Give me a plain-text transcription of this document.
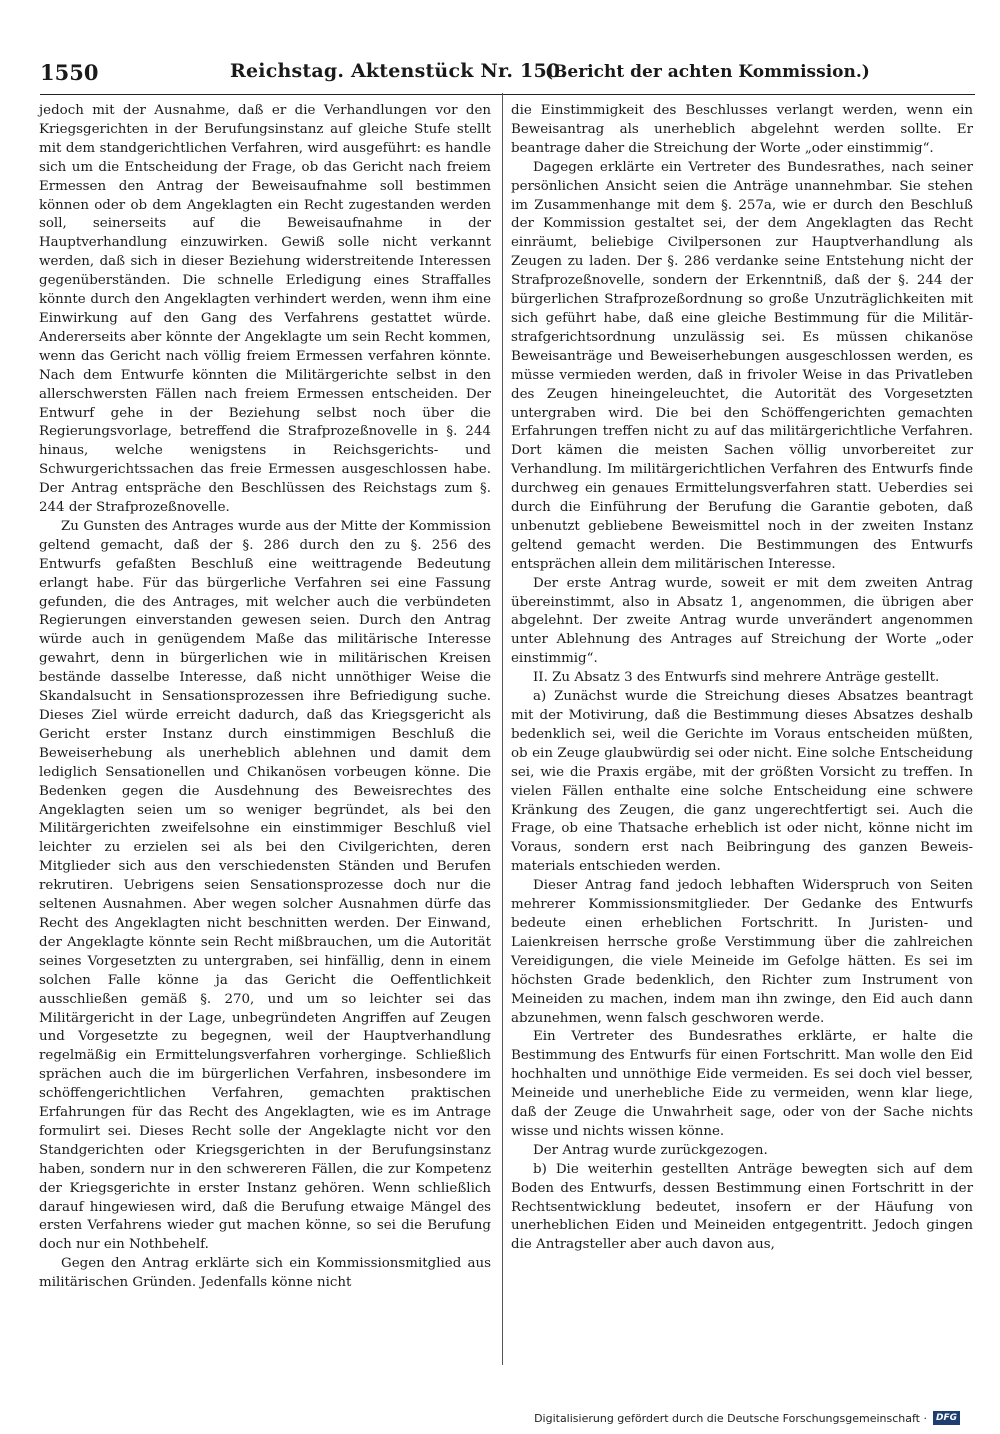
1550	Reichstag. Aktenstück Nr. 150.
(Bericht der achten Kommission.)

jedoch mit der Ausnahme, daß er die Verhandlungen vor den Kriegsgerichten in der Berufungsinstanz auf gleiche Stufe stellt mit dem standgerichtlichen Verfahren, wird ausgeführt: es handle sich um die Entscheidung der Frage, ob das Gericht nach freiem Ermessen den Antrag der Beweisaufnahme soll bestimmen können oder ob dem Angeklagten ein Recht zugestanden werden soll, seinerseits auf die Beweisaufnahme in der Hauptverhandlung einzuwirken. Gewiß solle nicht verkannt werden, daß sich in dieser Beziehung widerstreitende Interessen gegenüberständen. Die schnelle Erledigung eines Straffalles könnte durch den Angeklagten verhindert werden, wenn ihm eine Einwirkung auf den Gang des Verfahrens gestattet würde. Andererseits aber könnte der Angeklagte um sein Recht kommen, wenn das Gericht nach völlig freiem Ermessen verfahren könnte. Nach dem Entwurfe könnten die Militärgerichte selbst in den allerschwersten Fällen nach freiem Ermessen entscheiden. Der Entwurf gehe in der Beziehung selbst noch über die Regierungsvorlage, betreffend die Strafprozeßnovelle in §. 244 hinaus, welche wenigstens in Reichsgerichts- und Schwurgerichtssachen das freie Ermessen ausgeschlossen habe. Der Antrag entspräche den Beschlüssen des Reichstags zum §. 244 der Strafprozeßnovelle.

Zu Gunsten des Antrages wurde aus der Mitte der Kommission geltend gemacht, daß der §. 286 durch den zu §. 256 des Entwurfs gefaßten Beschluß eine weittragende Bedeutung erlangt habe. Für das bürgerliche Verfahren sei eine Fassung gefunden, die des Antrages, mit welcher auch die verbündeten Regierungen einverstanden gewesen seien. Durch den Antrag würde auch in genügendem Maße das militärische Interesse gewahrt, denn in bürgerlichen wie in militärischen Kreisen bestände dasselbe Interesse, daß nicht unnöthiger Weise die Skandalsucht in Sensationsprozessen ihre Befriedigung suche. Dieses Ziel würde erreicht dadurch, daß das Kriegsgericht als Gericht erster Instanz durch einstimmigen Beschluß die Beweiserhebung als unerheblich ablehnen und damit dem lediglich Sensationellen und Chikanösen vorbeugen könne. Die Bedenken gegen die Ausdehnung des Beweisrechtes des Angeklagten seien um so weniger begründet, als bei den Militärgerichten zweifelsohne ein einstimmiger Beschluß viel leichter zu erzielen sei als bei den Civilgerichten, deren Mitglieder sich aus den verschiedensten Ständen und Berufen rekrutiren. Uebrigens seien Sensationsprozesse doch nur die seltenen Ausnahmen. Aber wegen solcher Ausnahmen dürfe das Recht des Angeklagten nicht beschnitten werden. Der Einwand, der Angeklagte könnte sein Recht mißbrauchen, um die Autorität seines Vorgesetzten zu untergraben, sei hinfällig, denn in einem solchen Falle könne ja das Gericht die Oeffentlichkeit ausschließen gemäß §. 270, und um so leichter sei das Militärgericht in der Lage, unbegründeten Angriffen auf Zeugen und Vorgesetzte zu begegnen, weil der Hauptverhandlung regelmäßig ein Ermittelungsverfahren vorherginge. Schließlich sprächen auch die im bürgerlichen Verfahren, insbesondere im schöffengerichtlichen Verfahren, gemachten praktischen Erfahrungen für das Recht des Angeklagten, wie es im Antrage formulirt sei. Dieses Recht solle der Angeklagte nicht vor den Standgerichten oder Kriegsgerichten in der Berufungsinstanz haben, sondern nur in den schwereren Fällen, die zur Kompetenz der Kriegsgerichte in erster Instanz gehören. Wenn schließlich darauf hingewiesen wird, daß die Berufung etwaige Mängel des ersten Verfahrens wieder gut machen könne, so sei die Berufung doch nur ein Nothbehelf.

Gegen den Antrag erklärte sich ein Kommissionsmitglied aus militärischen Gründen. Jedenfalls könne nicht

die Einstimmigkeit des Beschlusses verlangt werden, wenn ein Beweisantrag als unerheblich abgelehnt werden sollte. Er beantrage daher die Streichung der Worte „oder einstimmig“.

Dagegen erklärte ein Vertreter des Bundesrathes, nach seiner persönlichen Ansicht seien die Anträge unannehmbar. Sie stehen im Zusammenhange mit dem §. 257a, wie er durch den Beschluß der Kommission gestaltet sei, der dem Angeklagten das Recht einräumt, beliebige Civilpersonen zur Hauptverhandlung als Zeugen zu laden. Der §. 286 verdanke seine Entstehung nicht der Strafprozeßnovelle, sondern der Erkenntniß, daß der §. 244 der bürgerlichen Strafprozeßordnung so große Unzuträglichkeiten mit sich geführt habe, daß eine gleiche Bestimmung für die Militärstrafgerichtsordnung unzulässig sei. Es müssen chikanöse Beweisanträge und Beweiserhebungen ausgeschlossen werden, es müsse vermieden werden, daß in frivoler Weise in das Privatleben des Zeugen hineingeleuchtet, die Autorität des Vorgesetzten untergraben wird. Die bei den Schöffengerichten gemachten Erfahrungen treffen nicht zu auf das militärgerichtliche Verfahren. Dort kämen die meisten Sachen völlig unvorbereitet zur Verhandlung. Im militärgerichtlichen Verfahren des Entwurfs finde durchweg ein genaues Ermittelungsverfahren statt. Ueberdies sei durch die Einführung der Berufung die Garantie geboten, daß unbenutzt gebliebene Beweismittel noch in der zweiten Instanz geltend gemacht werden. Die Bestimmungen des Entwurfs entsprächen allein dem militärischen Interesse.

Der erste Antrag wurde, soweit er mit dem zweiten Antrag übereinstimmt, also in Absatz 1, angenommen, die übrigen aber abgelehnt. Der zweite Antrag wurde unverändert angenommen unter Ablehnung des Antrages auf Streichung der Worte „oder einstimmig“.

II. Zu Absatz 3 des Entwurfs sind mehrere Anträge gestellt.

a) Zunächst wurde die Streichung dieses Absatzes beantragt mit der Motivirung, daß die Bestimmung dieses Absatzes deshalb bedenklich sei, weil die Gerichte im Voraus entscheiden müßten, ob ein Zeuge glaubwürdig sei oder nicht. Eine solche Entscheidung sei, wie die Praxis ergäbe, mit der größten Vorsicht zu treffen. In vielen Fällen enthalte eine solche Entscheidung eine schwere Kränkung des Zeugen, die ganz ungerechtfertigt sei. Auch die Frage, ob eine Thatsache erheblich ist oder nicht, könne nicht im Voraus, sondern erst nach Beibringung des ganzen Beweismaterials entschieden werden.

Dieser Antrag fand jedoch lebhaften Widerspruch von Seiten mehrerer Kommissionsmitglieder. Der Gedanke des Entwurfs bedeute einen erheblichen Fortschritt. In Juristen- und Laienkreisen herrsche große Verstimmung über die zahlreichen Vereidigungen, die viele Meineide im Gefolge hätten. Es sei im höchsten Grade bedenklich, den Richter zum Instrument von Meineiden zu machen, indem man ihn zwinge, den Eid auch dann abzunehmen, wenn falsch geschworen werde.

Ein Vertreter des Bundesrathes erklärte, er halte die Bestimmung des Entwurfs für einen Fortschritt. Man wolle den Eid hochhalten und unnöthige Eide vermeiden. Es sei doch viel besser, Meineide und unerhebliche Eide zu vermeiden, wenn klar liege, daß der Zeuge die Unwahrheit sage, oder von der Sache nichts wisse und nichts wissen könne.

Der Antrag wurde zurückgezogen.

b) Die weiterhin gestellten Anträge bewegten sich auf dem Boden des Entwurfs, dessen Bestimmung einen Fortschritt in der Rechtsentwicklung bedeutet, insofern er der Häufung von unerheblichen Eiden und Meineiden entgegentritt. Jedoch gingen die Antragsteller aber auch davon aus,

Digitalisierung gefördert durch die Deutsche Forschungsgemeinschaft ·	DFG
